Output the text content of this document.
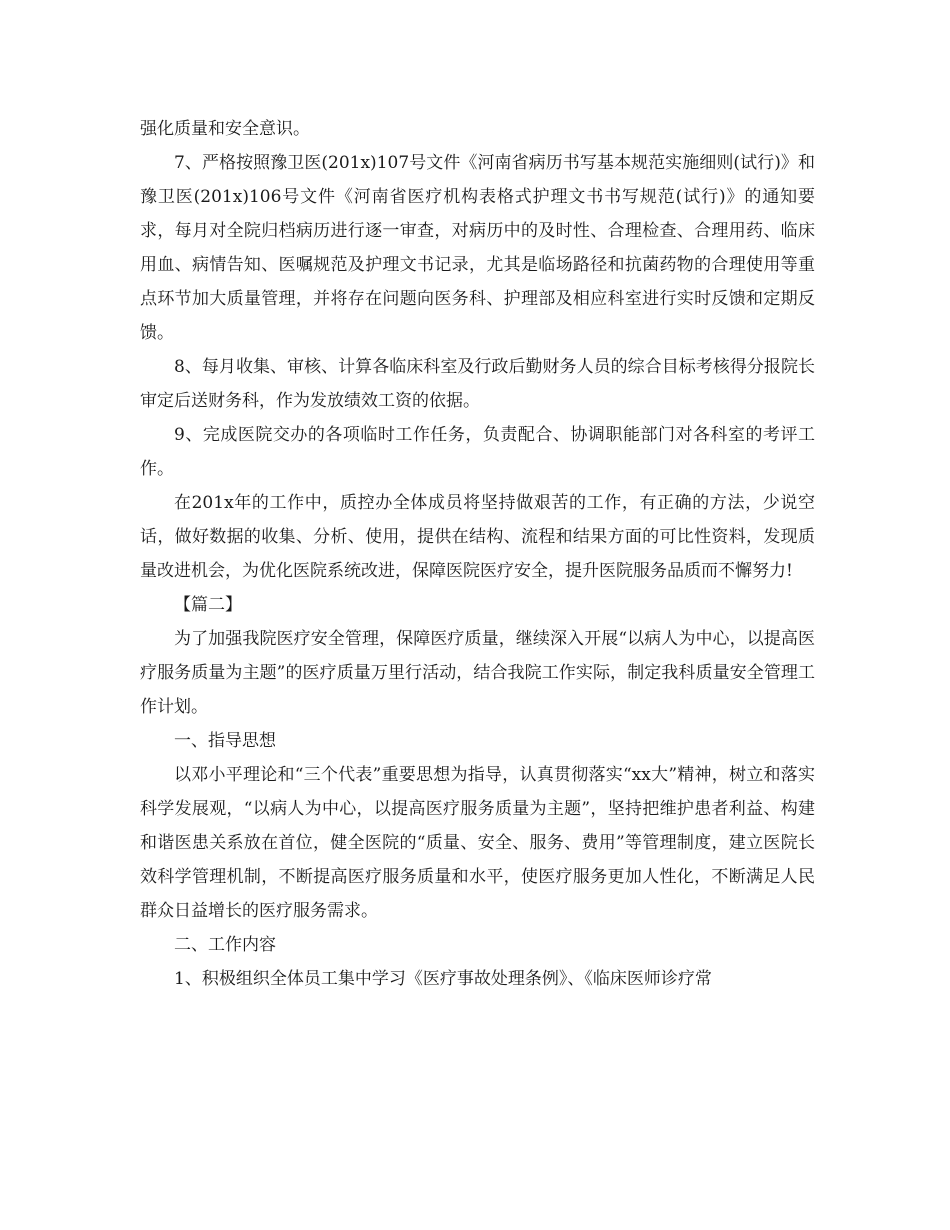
强化质量和安全意识。

7、严格按照豫卫医(201x)107号文件《河南省病历书写基本规范实施细则(试行)》和豫卫医(201x)106号文件《河南省医疗机构表格式护理文书书写规范(试行)》的通知要求，每月对全院归档病历进行逐一审查，对病历中的及时性、合理检查、合理用药、临床用血、病情告知、医嘱规范及护理文书记录，尤其是临场路径和抗菌药物的合理使用等重点环节加大质量管理，并将存在问题向医务科、护理部及相应科室进行实时反馈和定期反馈。

8、每月收集、审核、计算各临床科室及行政后勤财务人员的综合目标考核得分报院长审定后送财务科，作为发放绩效工资的依据。

9、完成医院交办的各项临时工作任务，负责配合、协调职能部门对各科室的考评工作。

在201x年的工作中，质控办全体成员将坚持做艰苦的工作，有正确的方法，少说空话，做好数据的收集、分析、使用，提供在结构、流程和结果方面的可比性资料，发现质量改进机会，为优化医院系统改进，保障医院医疗安全，提升医院服务品质而不懈努力!

【篇二】

为了加强我院医疗安全管理，保障医疗质量，继续深入开展“以病人为中心，以提高医疗服务质量为主题”的医疗质量万里行活动，结合我院工作实际，制定我科质量安全管理工作计划。

一、指导思想

以邓小平理论和“三个代表”重要思想为指导，认真贯彻落实“xx大”精神，树立和落实科学发展观，“以病人为中心，以提高医疗服务质量为主题”，坚持把维护患者利益、构建和谐医患关系放在首位，健全医院的“质量、安全、服务、费用”等管理制度，建立医院长效科学管理机制，不断提高医疗服务质量和水平，使医疗服务更加人性化，不断满足人民群众日益增长的医疗服务需求。

二、工作内容

1、积极组织全体员工集中学习《医疗事故处理条例》、《临床医师诊疗常
